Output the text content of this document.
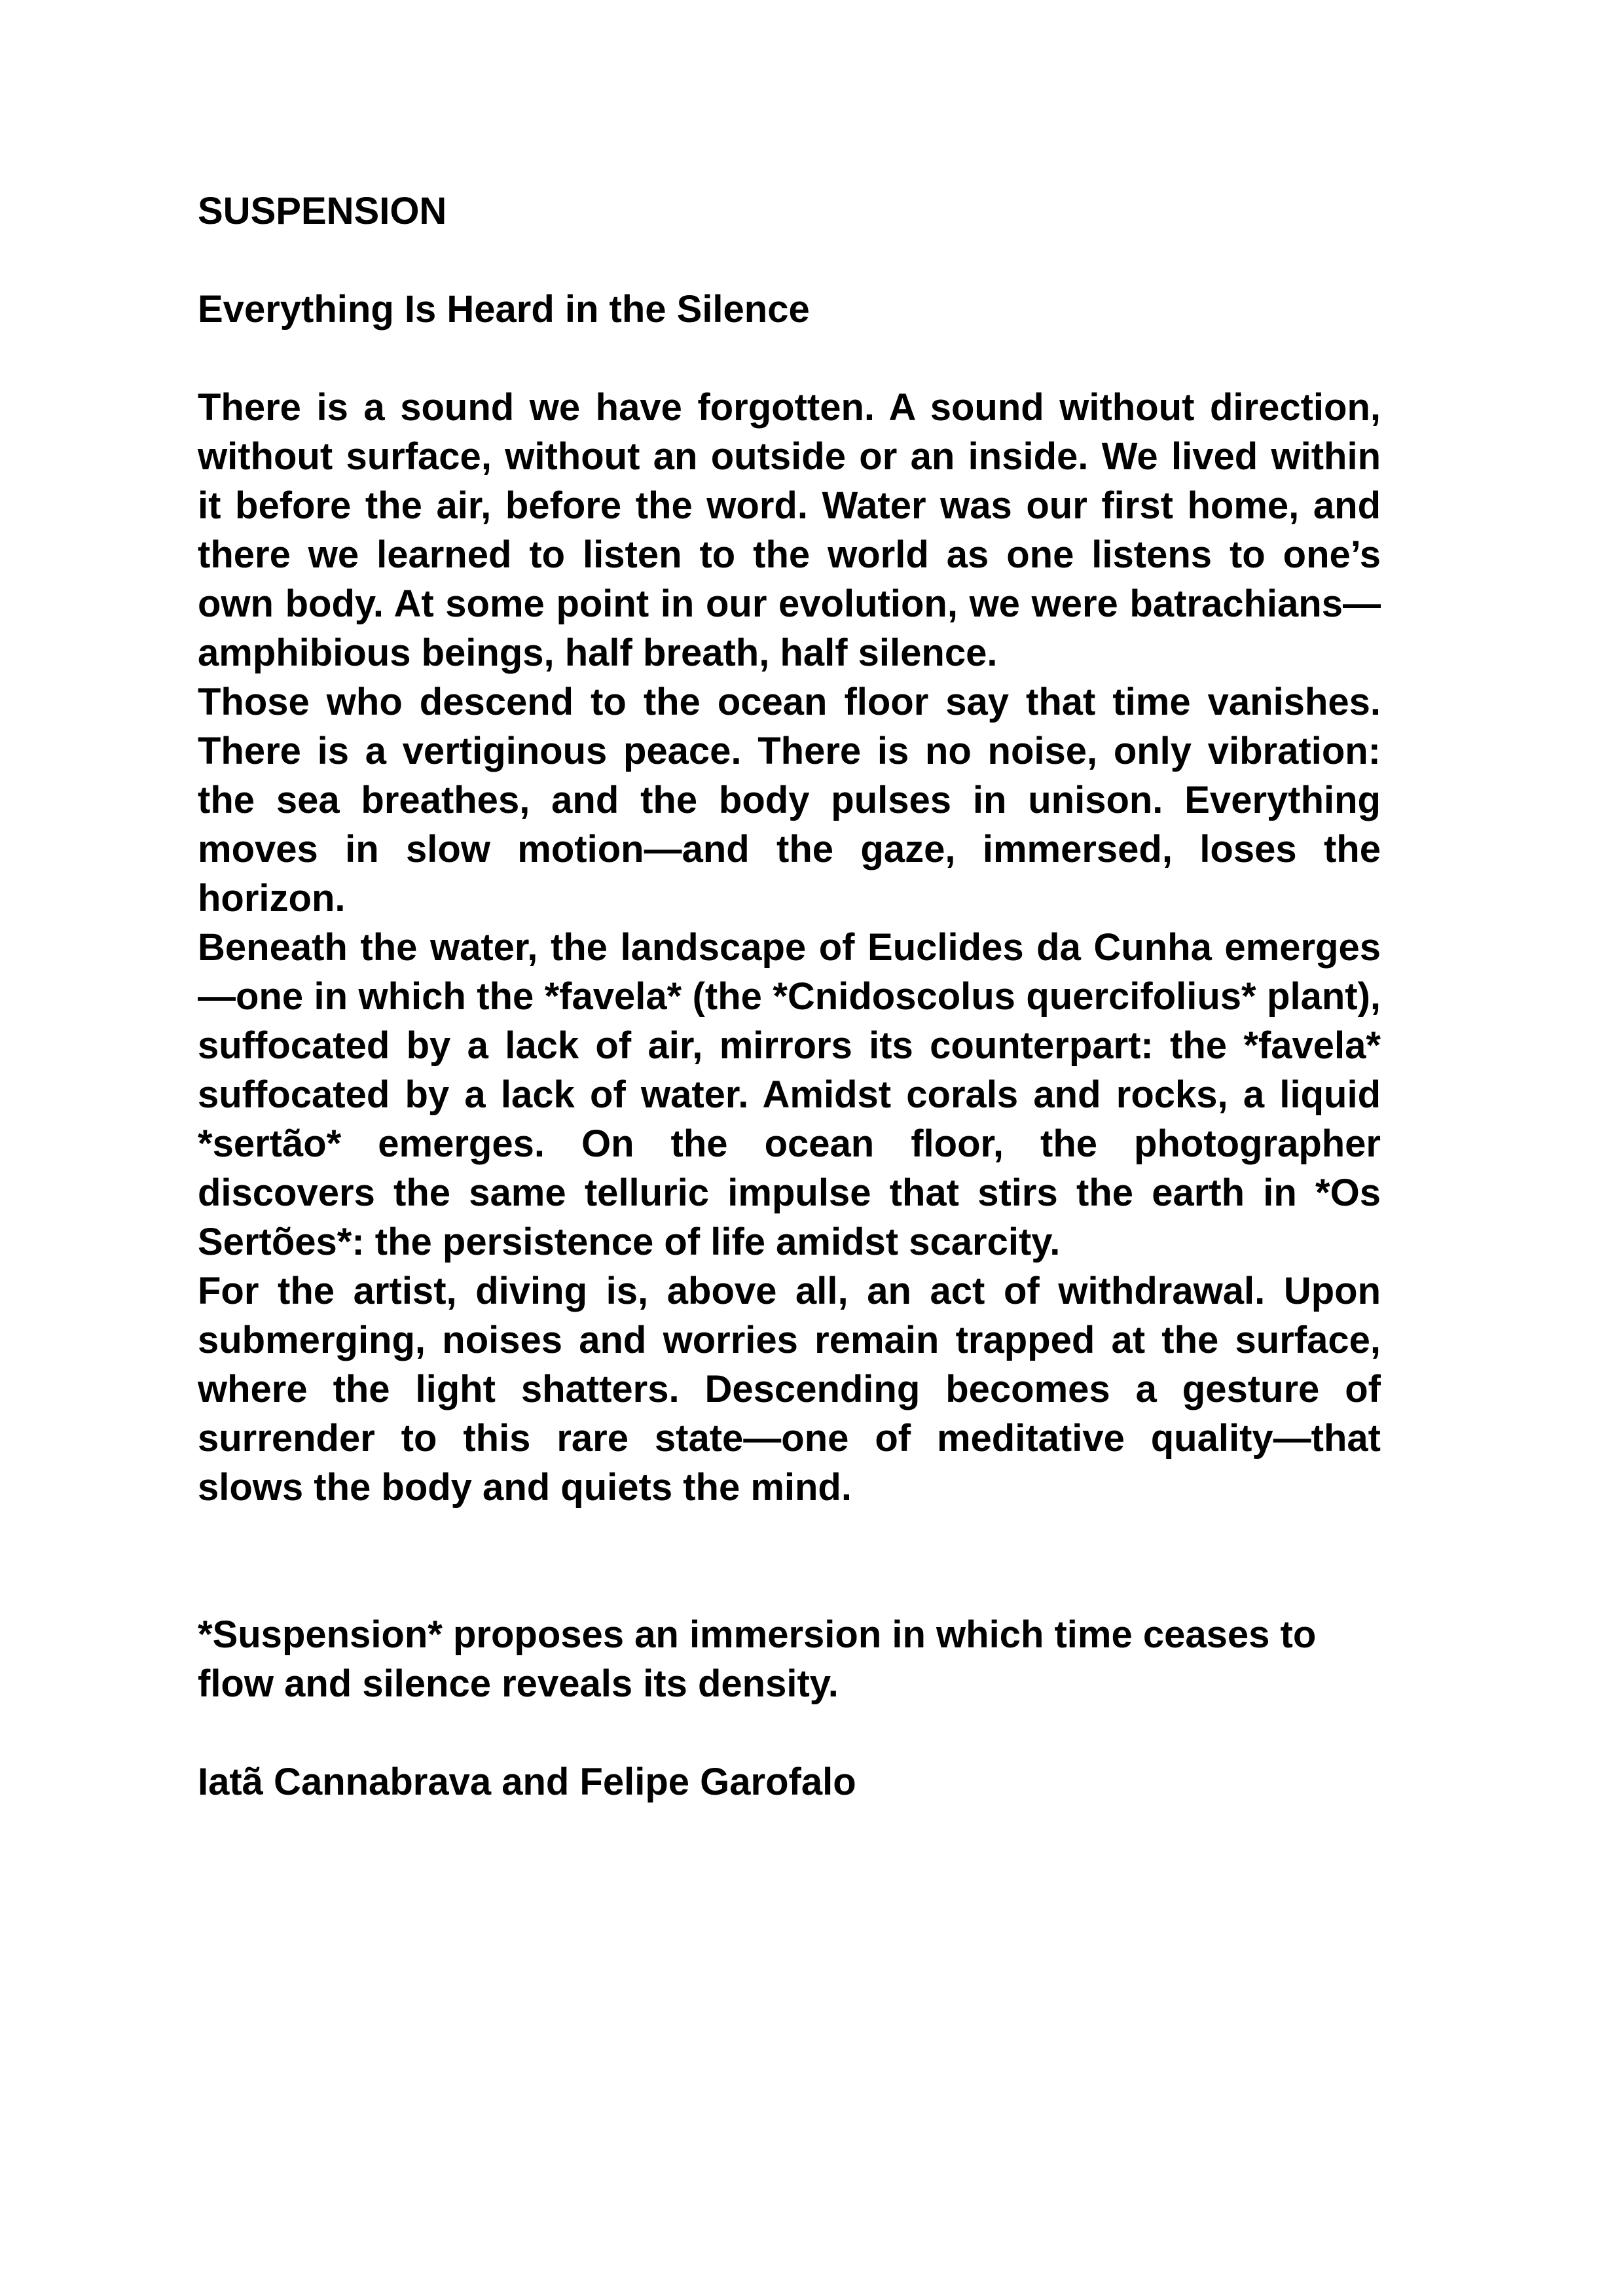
SUSPENSION
Everything Is Heard in the Silence

There is a sound we have forgotten. A sound without direction, without surface, without an outside or an inside. We lived within it before the air, before the word. Water was our first home, and there we learned to listen to the world as one listens to one’s own body. At some point in our evolution, we were batrachians—amphibious beings, half breath, half silence.

Those who descend to the ocean floor say that time vanishes. There is a vertiginous peace. There is no noise, only vibration: the sea breathes, and the body pulses in unison. Everything moves in slow motion—and the gaze, immersed, loses the horizon.

Beneath the water, the landscape of Euclides da Cunha emerges—one in which the *favela* (the *Cnidoscolus quercifolius* plant), suffocated by a lack of air, mirrors its counterpart: the *favela* suffocated by a lack of water. Amidst corals and rocks, a liquid *sertão* emerges. On the ocean floor, the photographer discovers the same telluric impulse that stirs the earth in *Os Sertões*: the persistence of life amidst scarcity.

For the artist, diving is, above all, an act of withdrawal. Upon submerging, noises and worries remain trapped at the surface, where the light shatters. Descending becomes a gesture of surrender to this rare state—one of meditative quality—that slows the body and quiets the mind.

*Suspension* proposes an immersion in which time ceases to flow and silence reveals its density.

Iatã Cannabrava and Felipe Garofalo
